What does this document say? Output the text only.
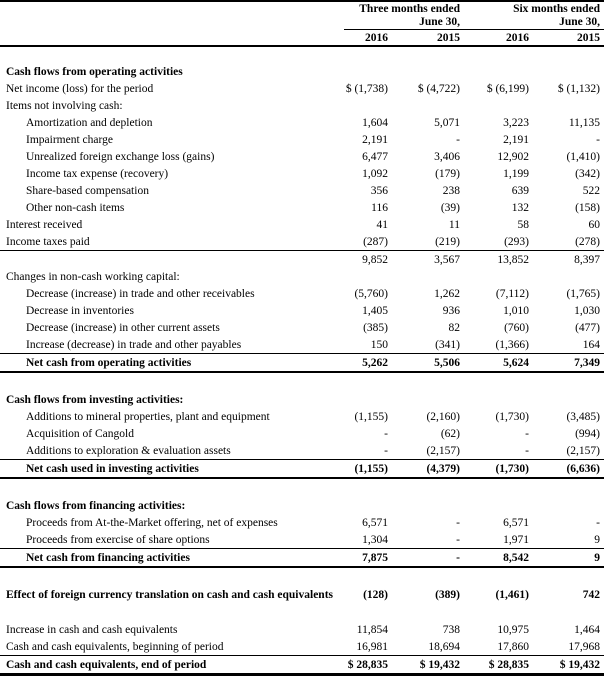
	Three months ended
June 30,		Six months ended
June 30,	
	2016	2015	2016	2015

Cash flows from operating activities				
Net income (loss) for the period	$ (1,738)	$ (4,722)	$ (6,199)	$ (1,132)
Items not involving cash:				
Amortization and depletion	1,604	5,071	3,223	11,135
Impairment charge	2,191	-	2,191	-
Unrealized foreign exchange loss (gains)	6,477	3,406	12,902	(1,410)
Income tax expense (recovery)	1,092	(179)	1,199	(342)
Share-based compensation	356	238	639	522
Other non-cash items	116	(39)	132	(158)
Interest received	41	11	58	60
Income taxes paid	(287)	(219)	(293)	(278)
	9,852	3,567	13,852	8,397
Changes in non-cash working capital:				
Decrease (increase) in trade and other receivables	(5,760)	1,262	(7,112)	(1,765)
Decrease in inventories	1,405	936	1,010	1,030
Decrease (increase) in other current assets	(385)	82	(760)	(477)
Increase (decrease) in trade and other payables	150	(341)	(1,366)	164
Net cash from operating activities	5,262	5,506	5,624	7,349

Cash flows from investing activities:				
Additions to mineral properties, plant and equipment	(1,155)	(2,160)	(1,730)	(3,485)
Acquisition of Cangold	-	(62)	-	(994)
Additions to exploration & evaluation assets	-	(2,157)	-	(2,157)
Net cash used in investing activities	(1,155)	(4,379)	(1,730)	(6,636)

Cash flows from financing activities:				
Proceeds from At-the-Market offering, net of expenses	6,571	-	6,571	-
Proceeds from exercise of share options	1,304	-	1,971	9
Net cash from financing activities	7,875	-	8,542	9

Effect of foreign currency translation on cash and cash equivalents	(128)	(389)	(1,461)	742

Increase in cash and cash equivalents	11,854	738	10,975	1,464
Cash and cash equivalents, beginning of period	16,981	18,694	17,860	17,968
Cash and cash equivalents, end of period	$ 28,835	$ 19,432	$ 28,835	$ 19,432
